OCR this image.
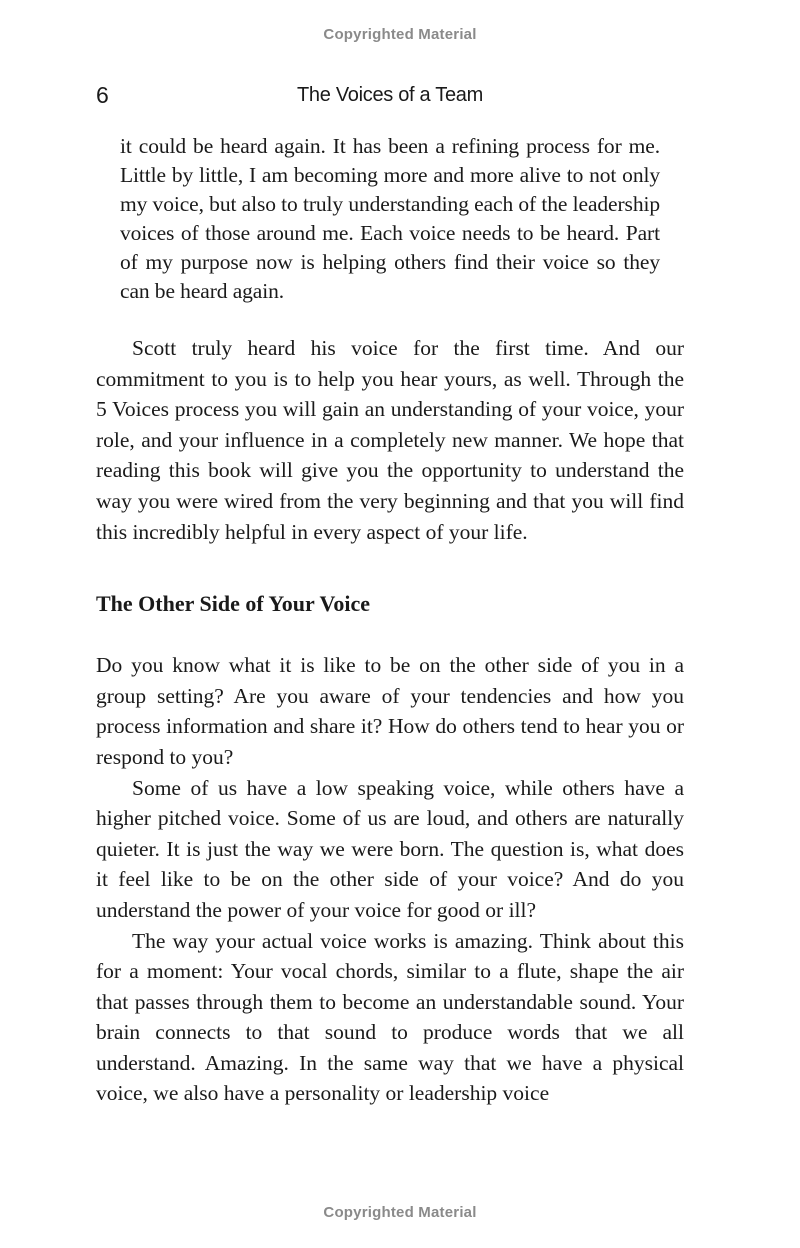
Copyrighted Material
6	The Voices of a Team

it could be heard again. It has been a refining process for me. Little by little, I am becoming more and more alive to not only my voice, but also to truly understanding each of the leadership voices of those around me. Each voice needs to be heard. Part of my purpose now is helping others find their voice so they can be heard again.

Scott truly heard his voice for the first time. And our commitment to you is to help you hear yours, as well. Through the 5 Voices process you will gain an understanding of your voice, your role, and your influence in a completely new manner. We hope that reading this book will give you the opportunity to understand the way you were wired from the very beginning and that you will find this incredibly helpful in every aspect of your life.

The Other Side of Your Voice

Do you know what it is like to be on the other side of you in a group setting? Are you aware of your tendencies and how you process information and share it? How do others tend to hear you or respond to you?

Some of us have a low speaking voice, while others have a higher pitched voice. Some of us are loud, and others are naturally quieter. It is just the way we were born. The question is, what does it feel like to be on the other side of your voice? And do you understand the power of your voice for good or ill?

The way your actual voice works is amazing. Think about this for a moment: Your vocal chords, similar to a flute, shape the air that passes through them to become an understandable sound. Your brain connects to that sound to produce words that we all understand. Amazing. In the same way that we have a physical voice, we also have a personality or leadership voice

Copyrighted Material
